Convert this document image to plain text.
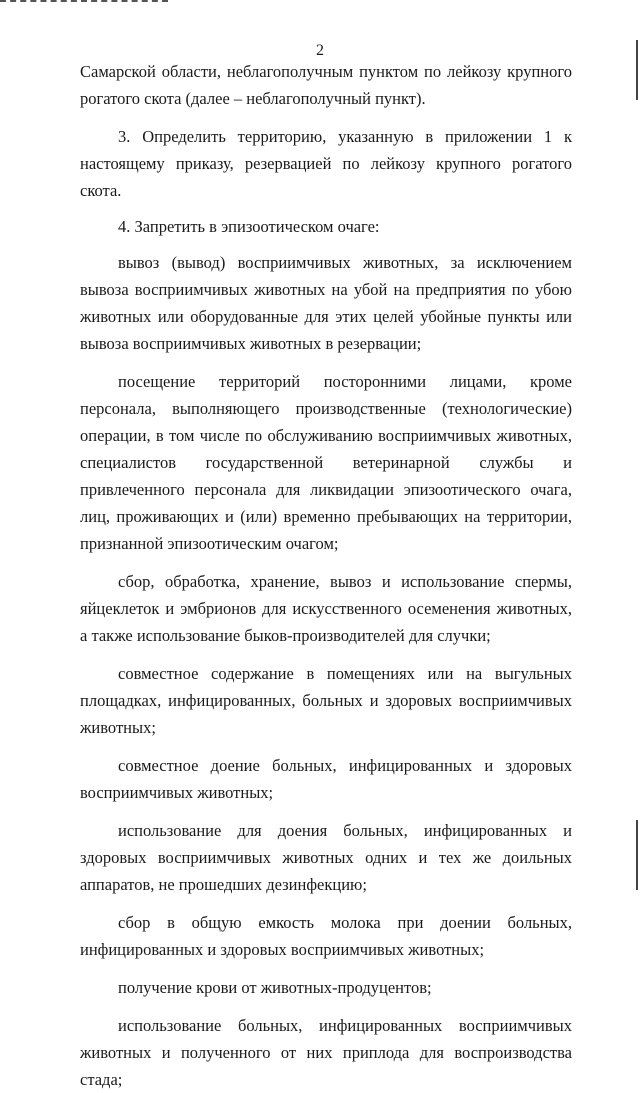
2

Самарской области, неблагополучным пунктом по лейкозу крупного рогатого скота (далее – неблагополучный пункт).

3. Определить территорию, указанную в приложении 1 к настоящему приказу, резервацией по лейкозу крупного рогатого скота.

4. Запретить в эпизоотическом очаге:

вывоз (вывод) восприимчивых животных, за исключением вывоза восприимчивых животных на убой на предприятия по убою животных или оборудованные для этих целей убойные пункты или вывоза восприимчивых животных в резервации;

посещение территорий посторонними лицами, кроме персонала, выполняющего производственные (технологические) операции, в том числе по обслуживанию восприимчивых животных, специалистов государственной ветеринарной службы и привлеченного персонала для ликвидации эпизоотического очага, лиц, проживающих и (или) временно пребывающих на территории, признанной эпизоотическим очагом;

сбор, обработка, хранение, вывоз и использование спермы, яйцеклеток и эмбрионов для искусственного осеменения животных, а также использование быков-производителей для случки;

совместное содержание в помещениях или на выгульных площадках, инфицированных, больных и здоровых восприимчивых животных;

совместное доение больных, инфицированных и здоровых восприимчивых животных;

использование для доения больных, инфицированных и здоровых восприимчивых животных одних и тех же доильных аппаратов, не прошедших дезинфекцию;

сбор в общую емкость молока при доении больных, инфицированных и здоровых восприимчивых животных;

получение крови от животных-продуцентов;

использование больных, инфицированных восприимчивых животных и полученного от них приплода для воспроизводства стада;
